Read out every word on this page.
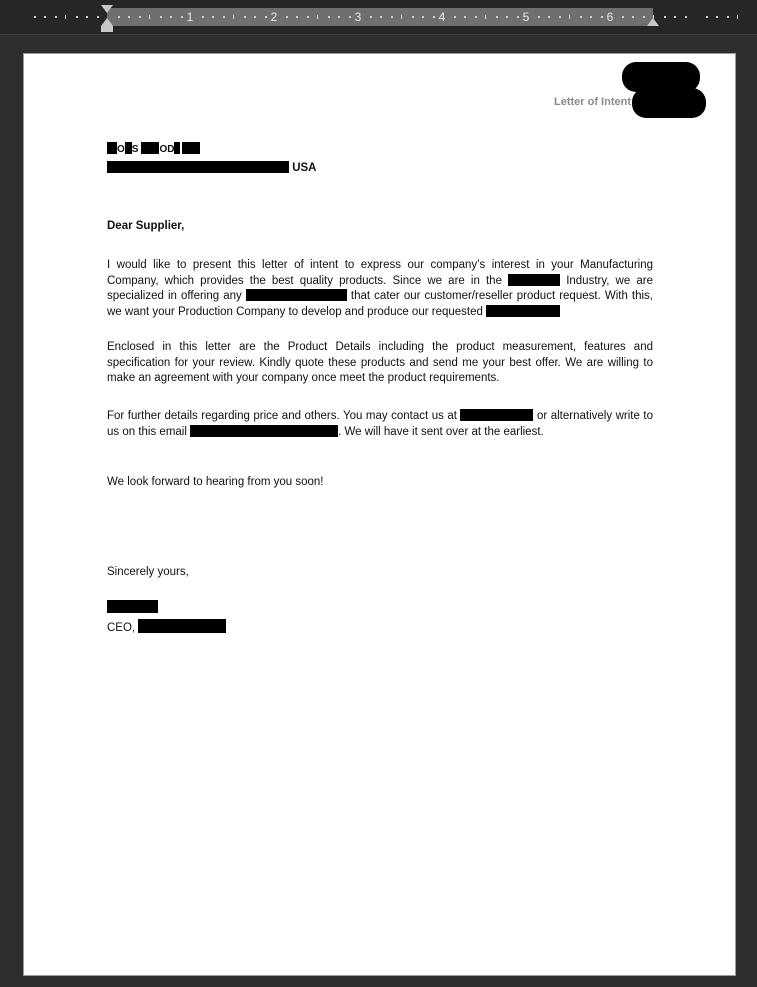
1	2	3	4	5	6
Letter of Intent
O S OD
USA
Dear Supplier,
I would like to present this letter of intent to express our company’s interest in your Manufacturing Company, which provides the best quality products. Since we are in the	Industry, we are specialized in offering any	that cater our customer/reseller product request. With this, we want your Production Company to develop and produce our requested
Enclosed in this letter are the Product Details including the product measurement, features and specification for your review. Kindly quote these products and send me your best offer. We are willing to make an agreement with your company once meet the product requirements.
For further details regarding price and others. You may contact us at	or alternatively write to us on this email	. We will have it sent over at the earliest.
We look forward to hearing from you soon!
Sincerely yours,
CEO,
